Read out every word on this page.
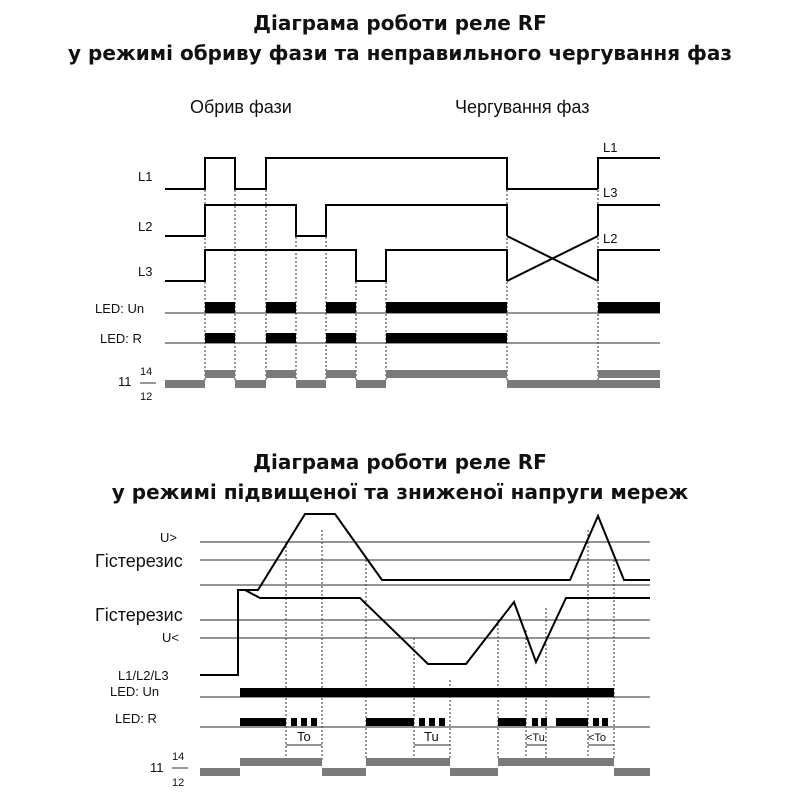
Діаграма роботи реле RF
у режимі обриву фази та неправильного чергування фаз
Діаграма роботи реле RF
у режимі підвищеної та зниженої напруги мереж
Обрив фази	Чергування фаз
L1
L2
L3
LED: Un
LED: R
11
14
12
L1
L3
L2
U>
Гістерезис
Гістерезис
U<
L1/L2/L3
LED: Un
LED: R
11
14
12
To	Tu	<Tu	<To
